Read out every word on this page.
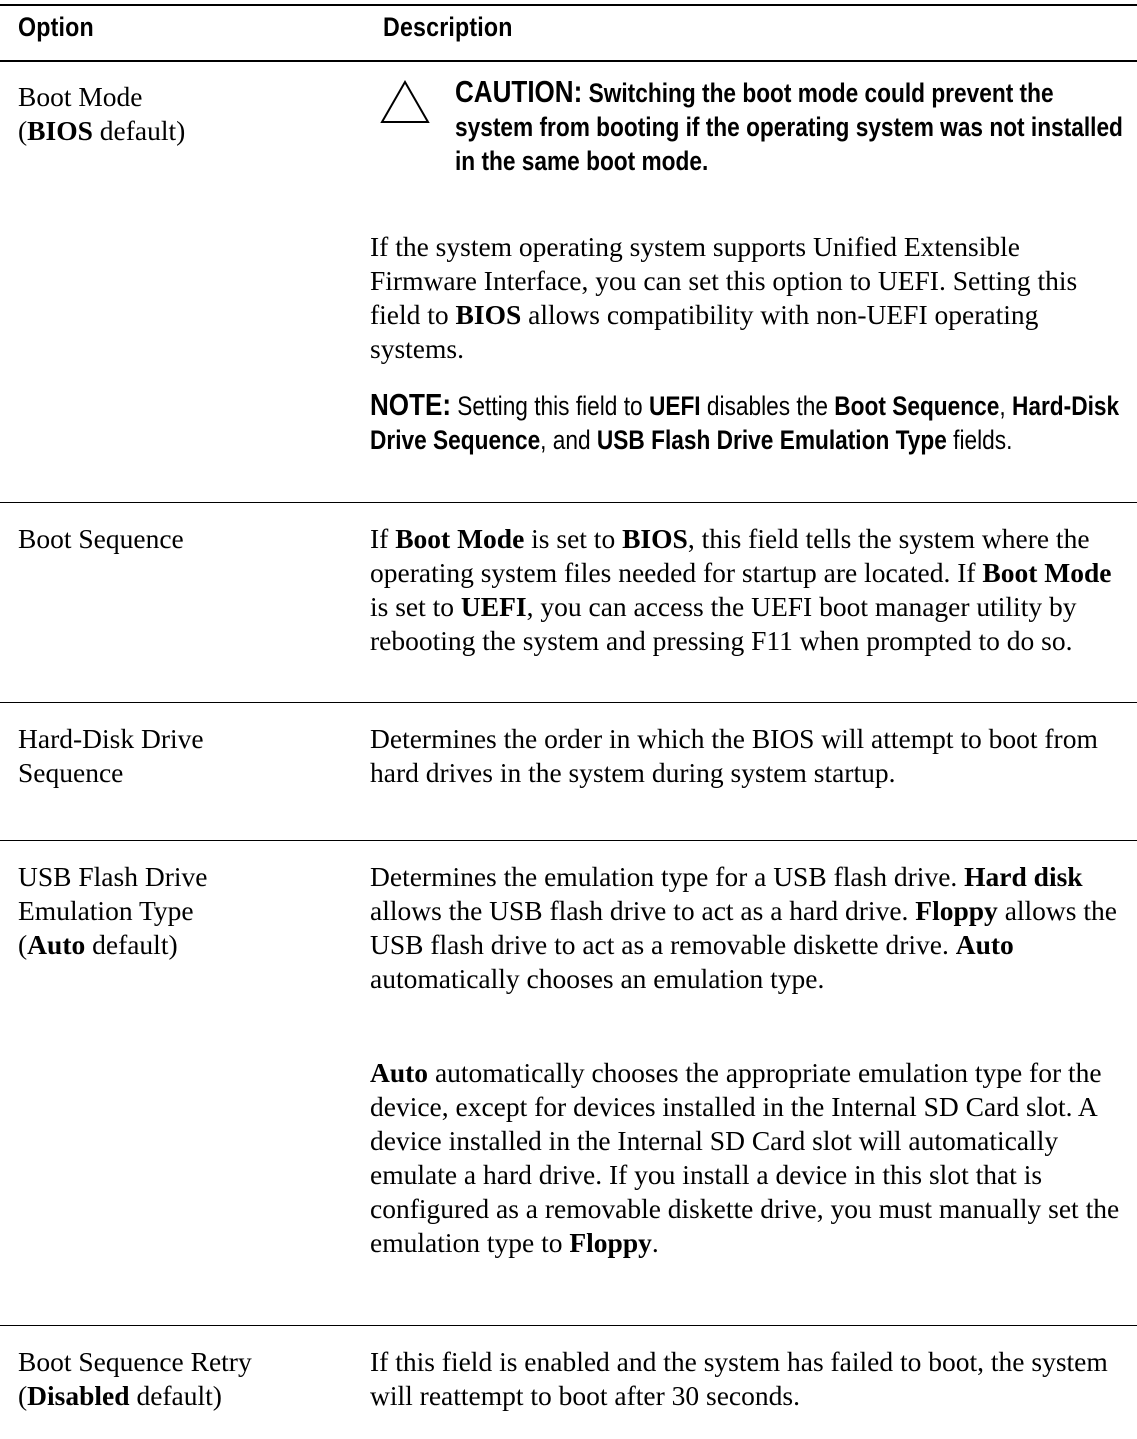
Option	Description
Boot Mode
(BIOS default)
CAUTION: Switching the boot mode could prevent the system from booting if the operating system was not installed in the same boot mode.
If the system operating system supports Unified Extensible Firmware Interface, you can set this option to UEFI. Setting this field to BIOS allows compatibility with non-UEFI operating systems.
NOTE: Setting this field to UEFI disables the Boot Sequence, Hard-Disk Drive Sequence, and USB Flash Drive Emulation Type fields.
Boot Sequence	If Boot Mode is set to BIOS, this field tells the system where the operating system files needed for startup are located. If Boot Mode is set to UEFI, you can access the UEFI boot manager utility by rebooting the system and pressing F11 when prompted to do so.
Hard-Disk Drive
Sequence
Determines the order in which the BIOS will attempt to boot from hard drives in the system during system startup.
USB Flash Drive
Emulation Type
(Auto default)
Determines the emulation type for a USB flash drive. Hard disk allows the USB flash drive to act as a hard drive. Floppy allows the USB flash drive to act as a removable diskette drive. Auto automatically chooses an emulation type.
Auto automatically chooses the appropriate emulation type for the device, except for devices installed in the Internal SD Card slot. A device installed in the Internal SD Card slot will automatically emulate a hard drive. If you install a device in this slot that is configured as a removable diskette drive, you must manually set the emulation type to Floppy.
Boot Sequence Retry
(Disabled default)
If this field is enabled and the system has failed to boot, the system will reattempt to boot after 30 seconds.
